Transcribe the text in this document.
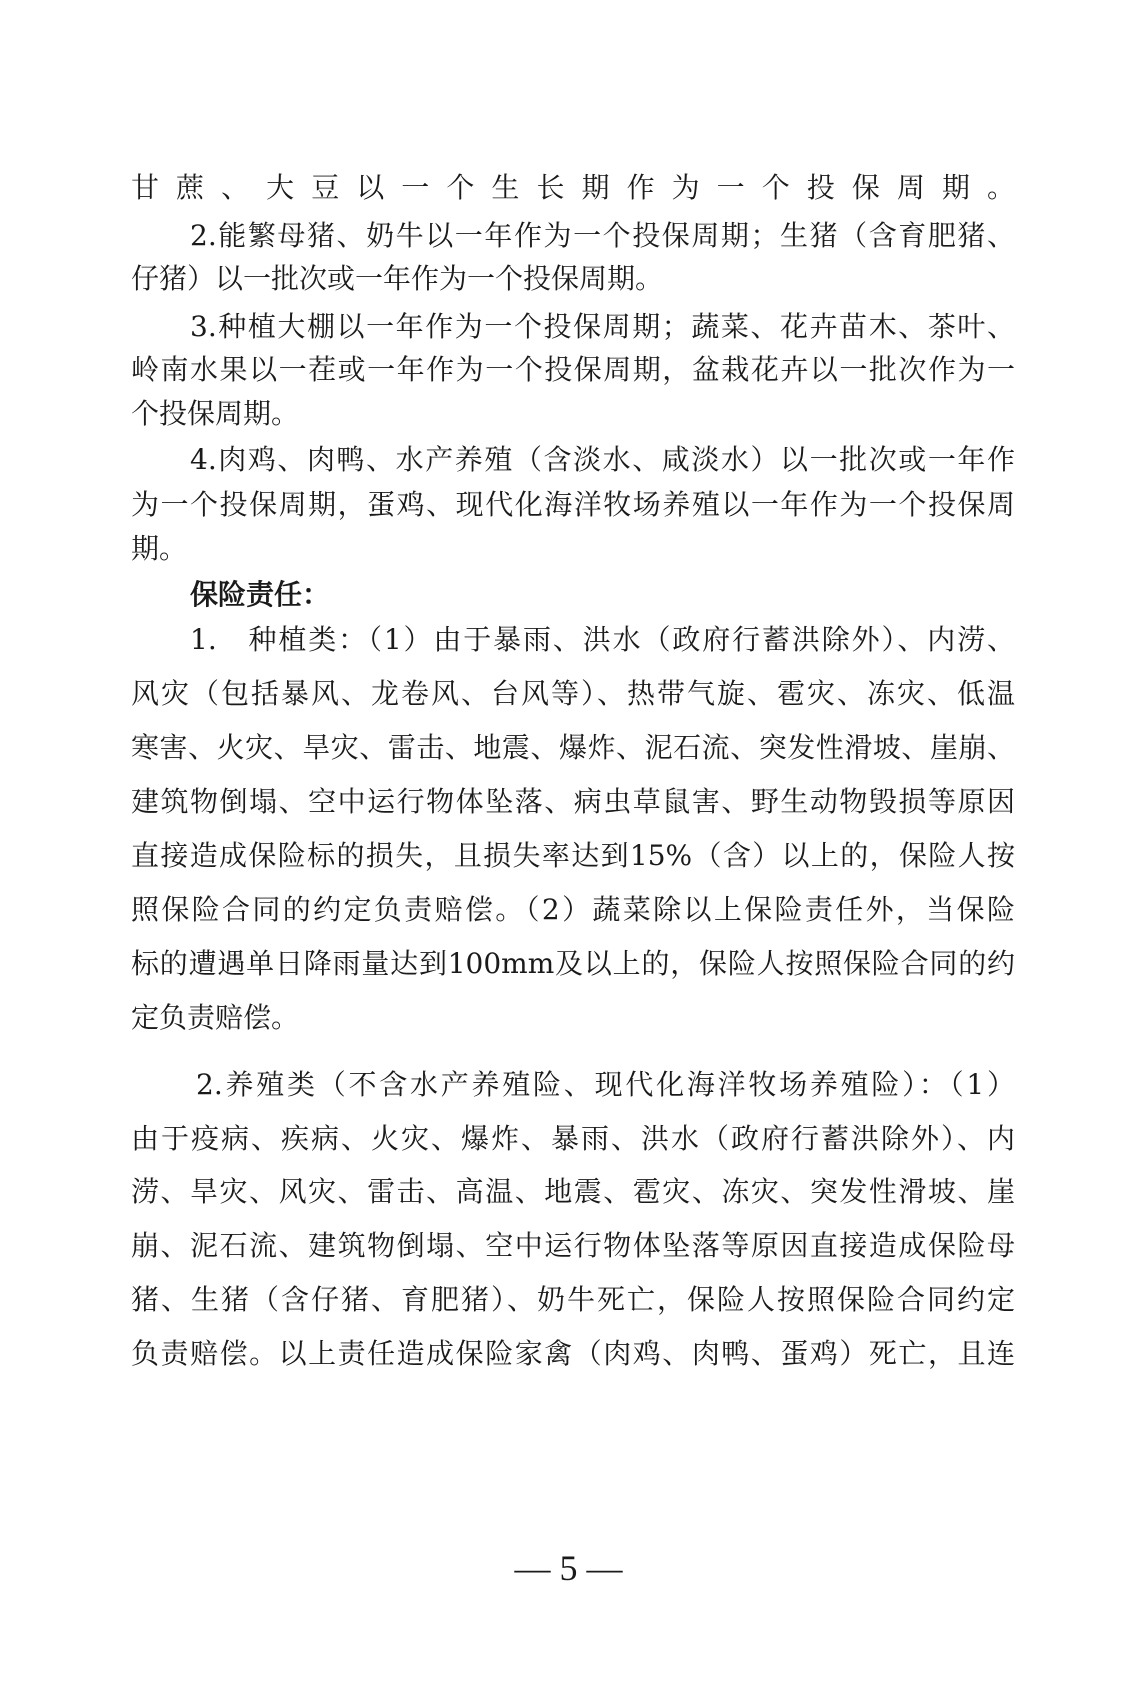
甘蔗、大豆以一个生长期作为一个投保周期。
2.能繁母猪、奶牛以一年作为一个投保周期；生猪（含育肥猪、
仔猪）以一批次或一年作为一个投保周期。
3.种植大棚以一年作为一个投保周期；蔬菜、花卉苗木、茶叶、
岭南水果以一茬或一年作为一个投保周期，盆栽花卉以一批次作为一
个投保周期。
4.肉鸡、肉鸭、水产养殖（含淡水、咸淡水）以一批次或一年作
为一个投保周期，蛋鸡、现代化海洋牧场养殖以一年作为一个投保周
期。
保险责任：
1.　种植类：（1）由于暴雨、洪水（政府行蓄洪除外）、内涝、
风灾（包括暴风、龙卷风、台风等）、热带气旋、雹灾、冻灾、低温
寒害、火灾、旱灾、雷击、地震、爆炸、泥石流、突发性滑坡、崖崩、
建筑物倒塌、空中运行物体坠落、病虫草鼠害、野生动物毁损等原因
直接造成保险标的损失，且损失率达到15%（含）以上的，保险人按
照保险合同的约定负责赔偿。（2）蔬菜除以上保险责任外，当保险
标的遭遇单日降雨量达到100mm及以上的，保险人按照保险合同的约
定负责赔偿。
2.养殖类（不含水产养殖险、现代化海洋牧场养殖险）：（1）
由于疫病、疾病、火灾、爆炸、暴雨、洪水（政府行蓄洪除外）、内
涝、旱灾、风灾、雷击、高温、地震、雹灾、冻灾、突发性滑坡、崖
崩、泥石流、建筑物倒塌、空中运行物体坠落等原因直接造成保险母
猪、生猪（含仔猪、育肥猪）、奶牛死亡，保险人按照保险合同约定
负责赔偿。以上责任造成保险家禽（肉鸡、肉鸭、蛋鸡）死亡，且连
— 5 —
